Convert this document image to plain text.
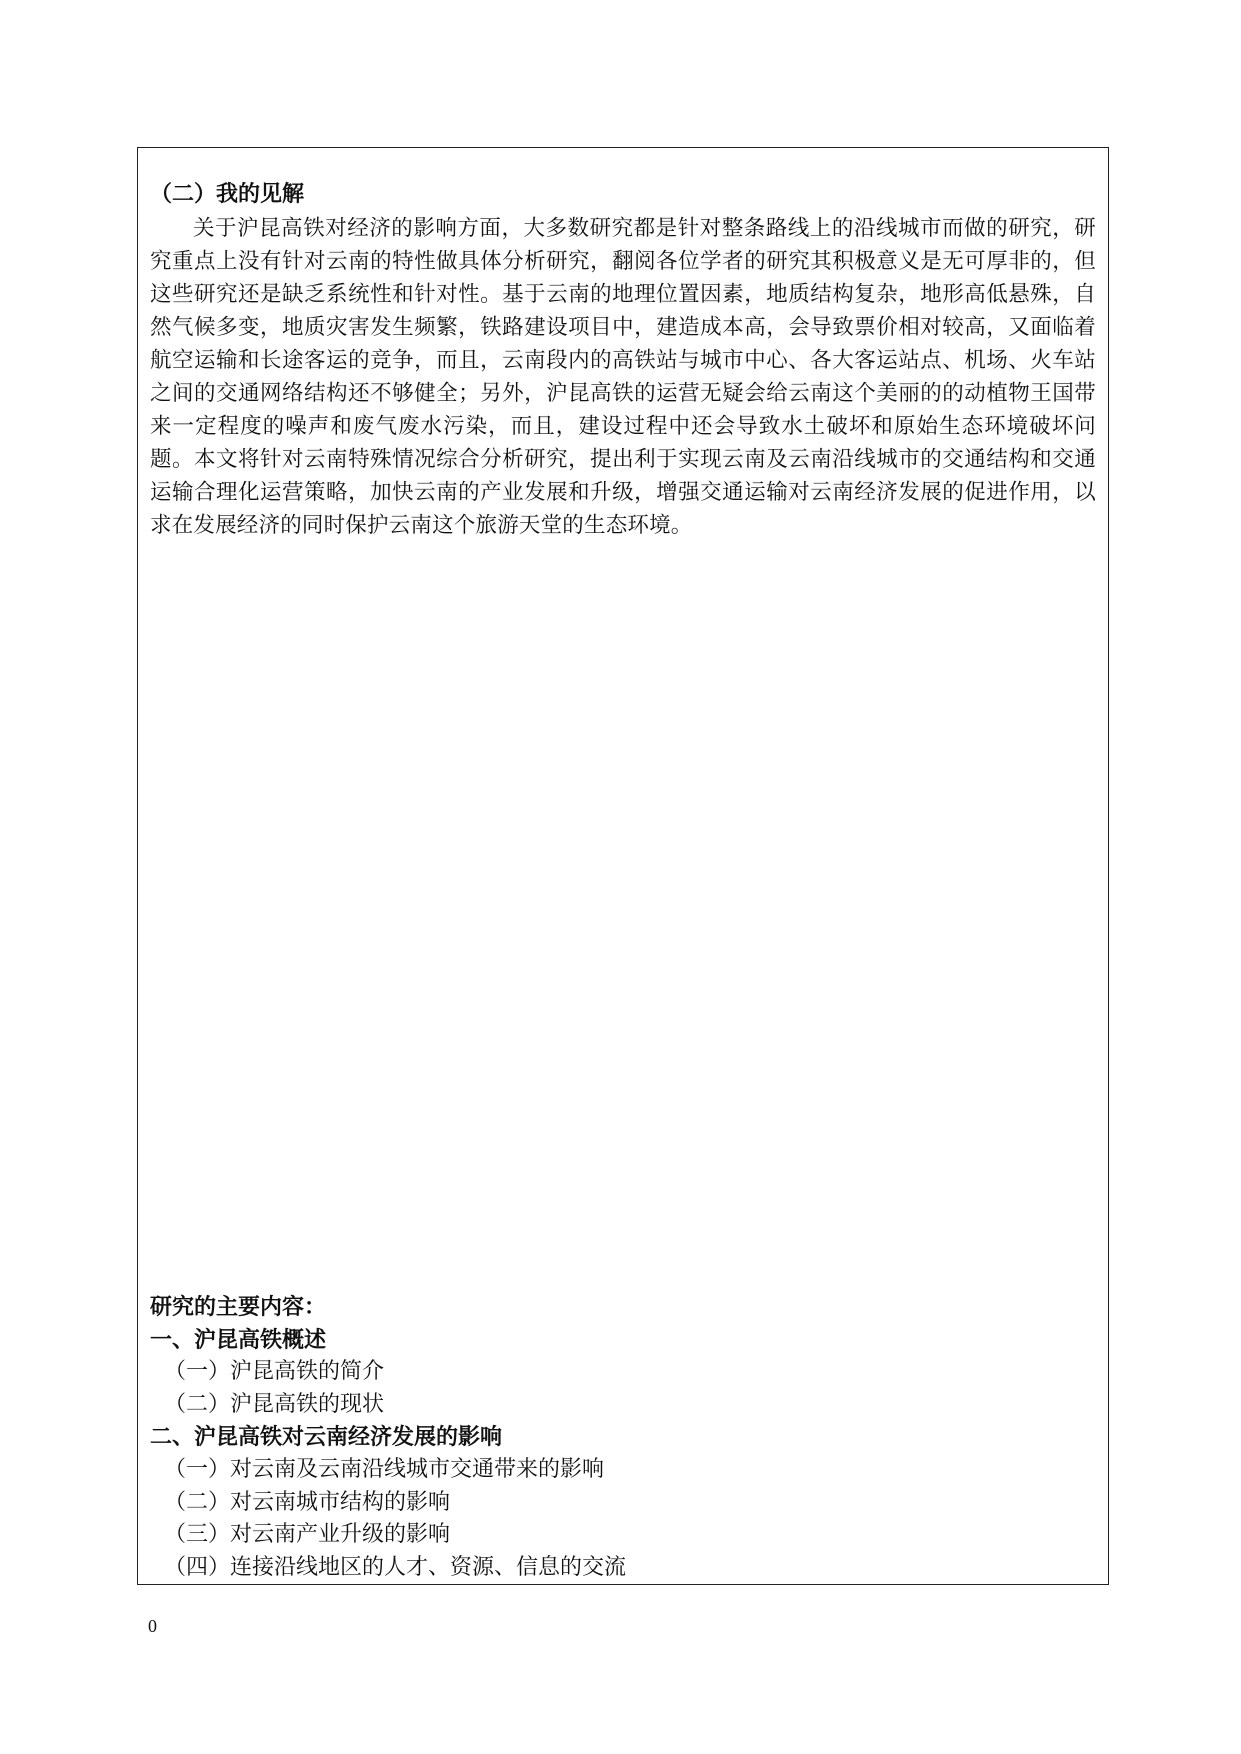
（二）我的见解

关于沪昆高铁对经济的影响方面，大多数研究都是针对整条路线上的沿线城市而做的研究，研究重点上没有针对云南的特性做具体分析研究，翻阅各位学者的研究其积极意义是无可厚非的，但这些研究还是缺乏系统性和针对性。基于云南的地理位置因素，地质结构复杂，地形高低悬殊，自然气候多变，地质灾害发生频繁，铁路建设项目中，建造成本高，会导致票价相对较高，又面临着航空运输和长途客运的竞争，而且，云南段内的高铁站与城市中心、各大客运站点、机场、火车站之间的交通网络结构还不够健全；另外，沪昆高铁的运营无疑会给云南这个美丽的的动植物王国带来一定程度的噪声和废气废水污染，而且，建设过程中还会导致水土破坏和原始生态环境破坏问题。本文将针对云南特殊情况综合分析研究，提出利于实现云南及云南沿线城市的交通结构和交通运输合理化运营策略，加快云南的产业发展和升级，增强交通运输对云南经济发展的促进作用，以求在发展经济的同时保护云南这个旅游天堂的生态环境。

研究的主要内容：
一、沪昆高铁概述
（一）沪昆高铁的简介
（二）沪昆高铁的现状
二、沪昆高铁对云南经济发展的影响
（一）对云南及云南沿线城市交通带来的影响
（二）对云南城市结构的影响
（三）对云南产业升级的影响
（四）连接沿线地区的人才、资源、信息的交流
0
